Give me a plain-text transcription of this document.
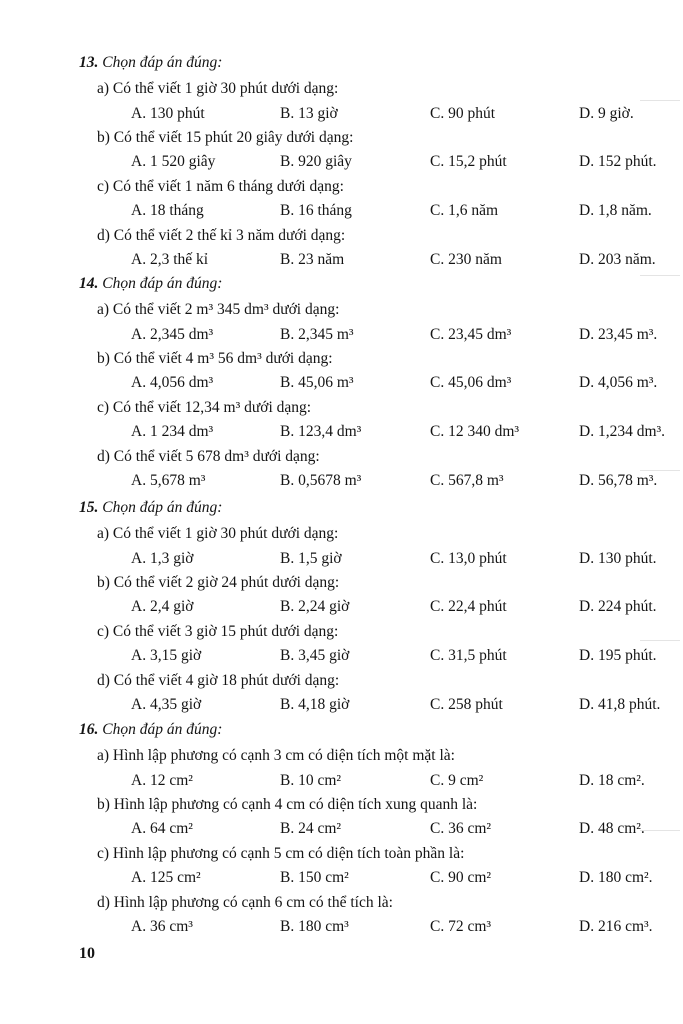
13. Chọn đáp án đúng:
a) Có thể viết 1 giờ 30 phút dưới dạng:
A. 130 phút	B. 13 giờ	C. 90 phút	D. 9 giờ.
b) Có thể viết 15 phút 20 giây dưới dạng:
A. 1 520 giây	B. 920 giây	C. 15,2 phút	D. 152 phút.
c) Có thể viết 1 năm 6 tháng dưới dạng:
A. 18 tháng	B. 16 tháng	C. 1,6 năm	D. 1,8 năm.
d) Có thể viết 2 thế kỉ 3 năm dưới dạng:
A. 2,3 thế kỉ	B. 23 năm	C. 230 năm	D. 203 năm.
14. Chọn đáp án đúng:
a) Có thể viết 2 m³ 345 dm³ dưới dạng:
A. 2,345 dm³	B. 2,345 m³	C. 23,45 dm³	D. 23,45 m³.
b) Có thể viết 4 m³ 56 dm³ dưới dạng:
A. 4,056 dm³	B. 45,06 m³	C. 45,06 dm³	D. 4,056 m³.
c) Có thể viết 12,34 m³ dưới dạng:
A. 1 234 dm³	B. 123,4 dm³	C. 12 340 dm³	D. 1,234 dm³.
d) Có thể viết 5 678 dm³ dưới dạng:
A. 5,678 m³	B. 0,5678 m³	C. 567,8 m³	D. 56,78 m³.
15. Chọn đáp án đúng:
a) Có thể viết 1 giờ 30 phút dưới dạng:
A. 1,3 giờ	B. 1,5 giờ	C. 13,0 phút	D. 130 phút.
b) Có thể viết 2 giờ 24 phút dưới dạng:
A. 2,4 giờ	B. 2,24 giờ	C. 22,4 phút	D. 224 phút.
c) Có thể viết 3 giờ 15 phút dưới dạng:
A. 3,15 giờ	B. 3,45 giờ	C. 31,5 phút	D. 195 phút.
d) Có thể viết 4 giờ 18 phút dưới dạng:
A. 4,35 giờ	B. 4,18 giờ	C. 258 phút	D. 41,8 phút.
16. Chọn đáp án đúng:
a) Hình lập phương có cạnh 3 cm có diện tích một mặt là:
A. 12 cm²	B. 10 cm²	C. 9 cm²	D. 18 cm².
b) Hình lập phương có cạnh 4 cm có diện tích xung quanh là:
A. 64 cm²	B. 24 cm²	C. 36 cm²	D. 48 cm².
c) Hình lập phương có cạnh 5 cm có diện tích toàn phần là:
A. 125 cm²	B. 150 cm²	C. 90 cm²	D. 180 cm².
d) Hình lập phương có cạnh 6 cm có thể tích là:
A. 36 cm³	B. 180 cm³	C. 72 cm³	D. 216 cm³.
10
